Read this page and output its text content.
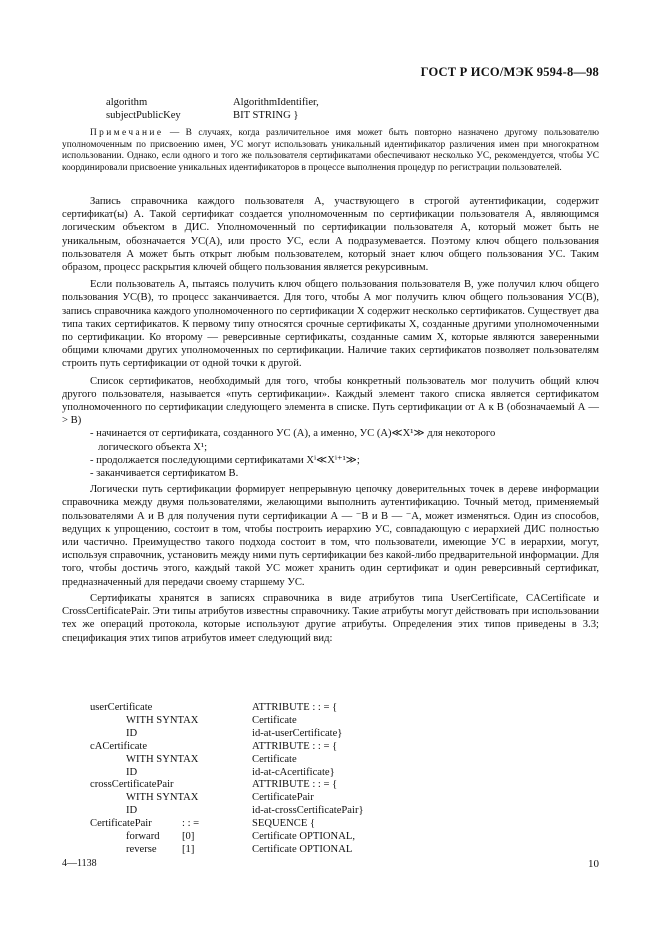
ГОСТ Р ИСО/МЭК 9594-8—98
algorithm	AlgorithmIdentifier,
subjectPublicKey	BIT STRING }

Примечание — В случаях, когда различительное имя может быть повторно назначено другому пользователю уполномоченным по присвоению имен, УС могут использовать уникальный идентификатор различения имен при многократном использовании. Однако, если одного и того же пользователя сертификатами обеспечивают несколько УС, рекомендуется, чтобы УС координировали присвоение уникальных идентификаторов в процессе выполнения процедур по регистрации пользователей.

Запись справочника каждого пользователя А, участвующего в строгой аутентификации, содержит сертификат(ы) А. Такой сертификат создается уполномоченным по сертификации пользователя А, являющимся логическим объектом в ДИС. Уполномоченный по сертификации пользователя А, который может быть не уникальным, обозначается УС(А), или просто УС, если А подразумевается. Поэтому ключ общего пользования пользователя А может быть открыт любым пользователем, который знает ключ общего пользования УС. Таким образом, процесс раскрытия ключей общего пользования является рекурсивным.

Если пользователь А, пытаясь получить ключ общего пользования пользователя В, уже получил ключ общего пользования УС(В), то процесс заканчивается. Для того, чтобы А мог получить ключ общего пользования УС(В), запись справочника каждого уполномоченного по сертификации Х содержит несколько сертификатов. Существует два типа таких сертификатов. К первому типу относятся срочные сертификаты Х, созданные другими уполномоченными по сертификации. Ко второму — реверсивные сертификаты, созданные самим Х, которые являются заверенными общими ключами других уполномоченных по сертификации. Наличие таких сертификатов позволяет пользователям строить путь сертификации от одной точки к другой.

Список сертификатов, необходимый для того, чтобы конкретный пользователь мог получить общий ключ другого пользователя, называется «путь сертификации». Каждый элемент такого списка является сертификатом уполномоченного по сертификации следующего элемента в списке. Путь сертификации от А к В (обозначаемый А —> В)

- начинается от сертификата, созданного УС (А), а именно, УС (А)≪X¹≫ для некоторого

логического объекта X¹;

- продолжается последующими сертификатами Xⁱ≪Xⁱ⁺¹≫;

- заканчивается сертификатом В.

Логически путь сертификации формирует непрерывную цепочку доверительных точек в дереве информации справочника между двумя пользователями, желающими выполнить аутентификацию. Точный метод, применяемый пользователями А и В для получения пути сертификации А — ⁻В и В — ⁻А, может изменяться. Один из способов, ведущих к упрощению, состоит в том, чтобы построить иерархию УС, совпадающую с иерархией ДИС полностью или частично. Преимущество такого подхода состоит в том, что пользователи, имеющие УС в иерархии, могут, используя справочник, установить между ними путь сертификации без какой-либо предварительной информации. Для того, чтобы достичь этого, каждый такой УС может хранить один сертификат и один реверсивный сертификат, предназначенный для передачи своему старшему УС.

Сертификаты хранятся в записях справочника в виде атрибутов типа UserCertificate, CACertificate и CrossCertificatePair. Эти типы атрибутов известны справочнику. Такие атрибуты могут действовать при использовании тех же операций протокола, которые используют другие атрибуты. Определения этих типов приведены в 3.3; спецификация этих типов атрибутов имеет следующий вид:

userCertificate	ATTRIBUTE : : = {
WITH SYNTAX	Certificate
ID	id-at-userCertificate}
cACertificate	ATTRIBUTE : : = {
WITH SYNTAX	Certificate
ID	id-at-cAcertificate}
crossCertificatePair	ATTRIBUTE : : = {
WITH SYNTAX	CertificatePair
ID	id-at-crossCertificatePair}
CertificatePair	: : =	SEQUENCE {
forward [0]	Certificate OPTIONAL,
reverse [1]	Certificate OPTIONAL
4—1138	10
